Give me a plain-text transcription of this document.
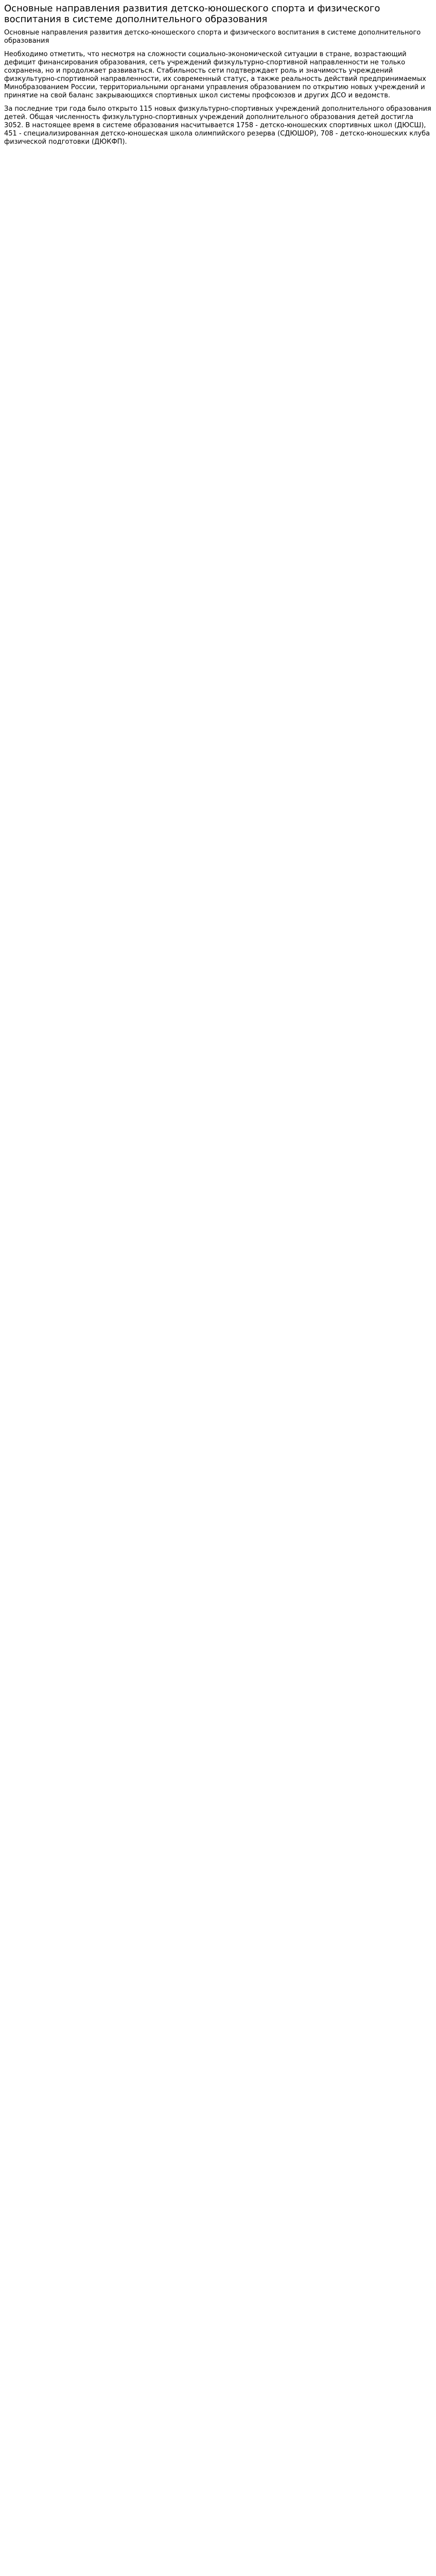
Основные направления развития детско-юношеского спорта и физического воспитания в системе дополнительного образования

Основные направления развития детско-юношеского спорта и физического воспитания в системе дополнительного образования

Необходимо отметить, что несмотря на сложности социально-экономической ситуации в стране, возрастающий дефицит финансирования образования, сеть учреждений физкультурно-спортивной направленности не только сохранена, но и продолжает развиваться. Стабильность сети подтверждает роль и значимость учреждений физкультурно-спортивной направленности, их современный статус, а также реальность действий предпринимаемых Минобразованием России, территориальными органами управления образованием по открытию новых учреждений и принятие на свой баланс закрывающихся спортивных школ системы профсоюзов и других ДСО и ведомств.

За последние три года было открыто 115 новых физкультурно-спортивных учреждений дополнительного образования детей. Общая численность физкультурно-спортивных учреждений дополнительного образования детей достигла 3052. В настоящее время в системе образования насчитывается 1758 - детско-юношеских спортивных школ (ДЮСШ), 451 - специализированная детско-юношеская школа олимпийского резерва (СДЮШОР), 708 - детско-юношеских клуба физической подготовки (ДЮКФП).
